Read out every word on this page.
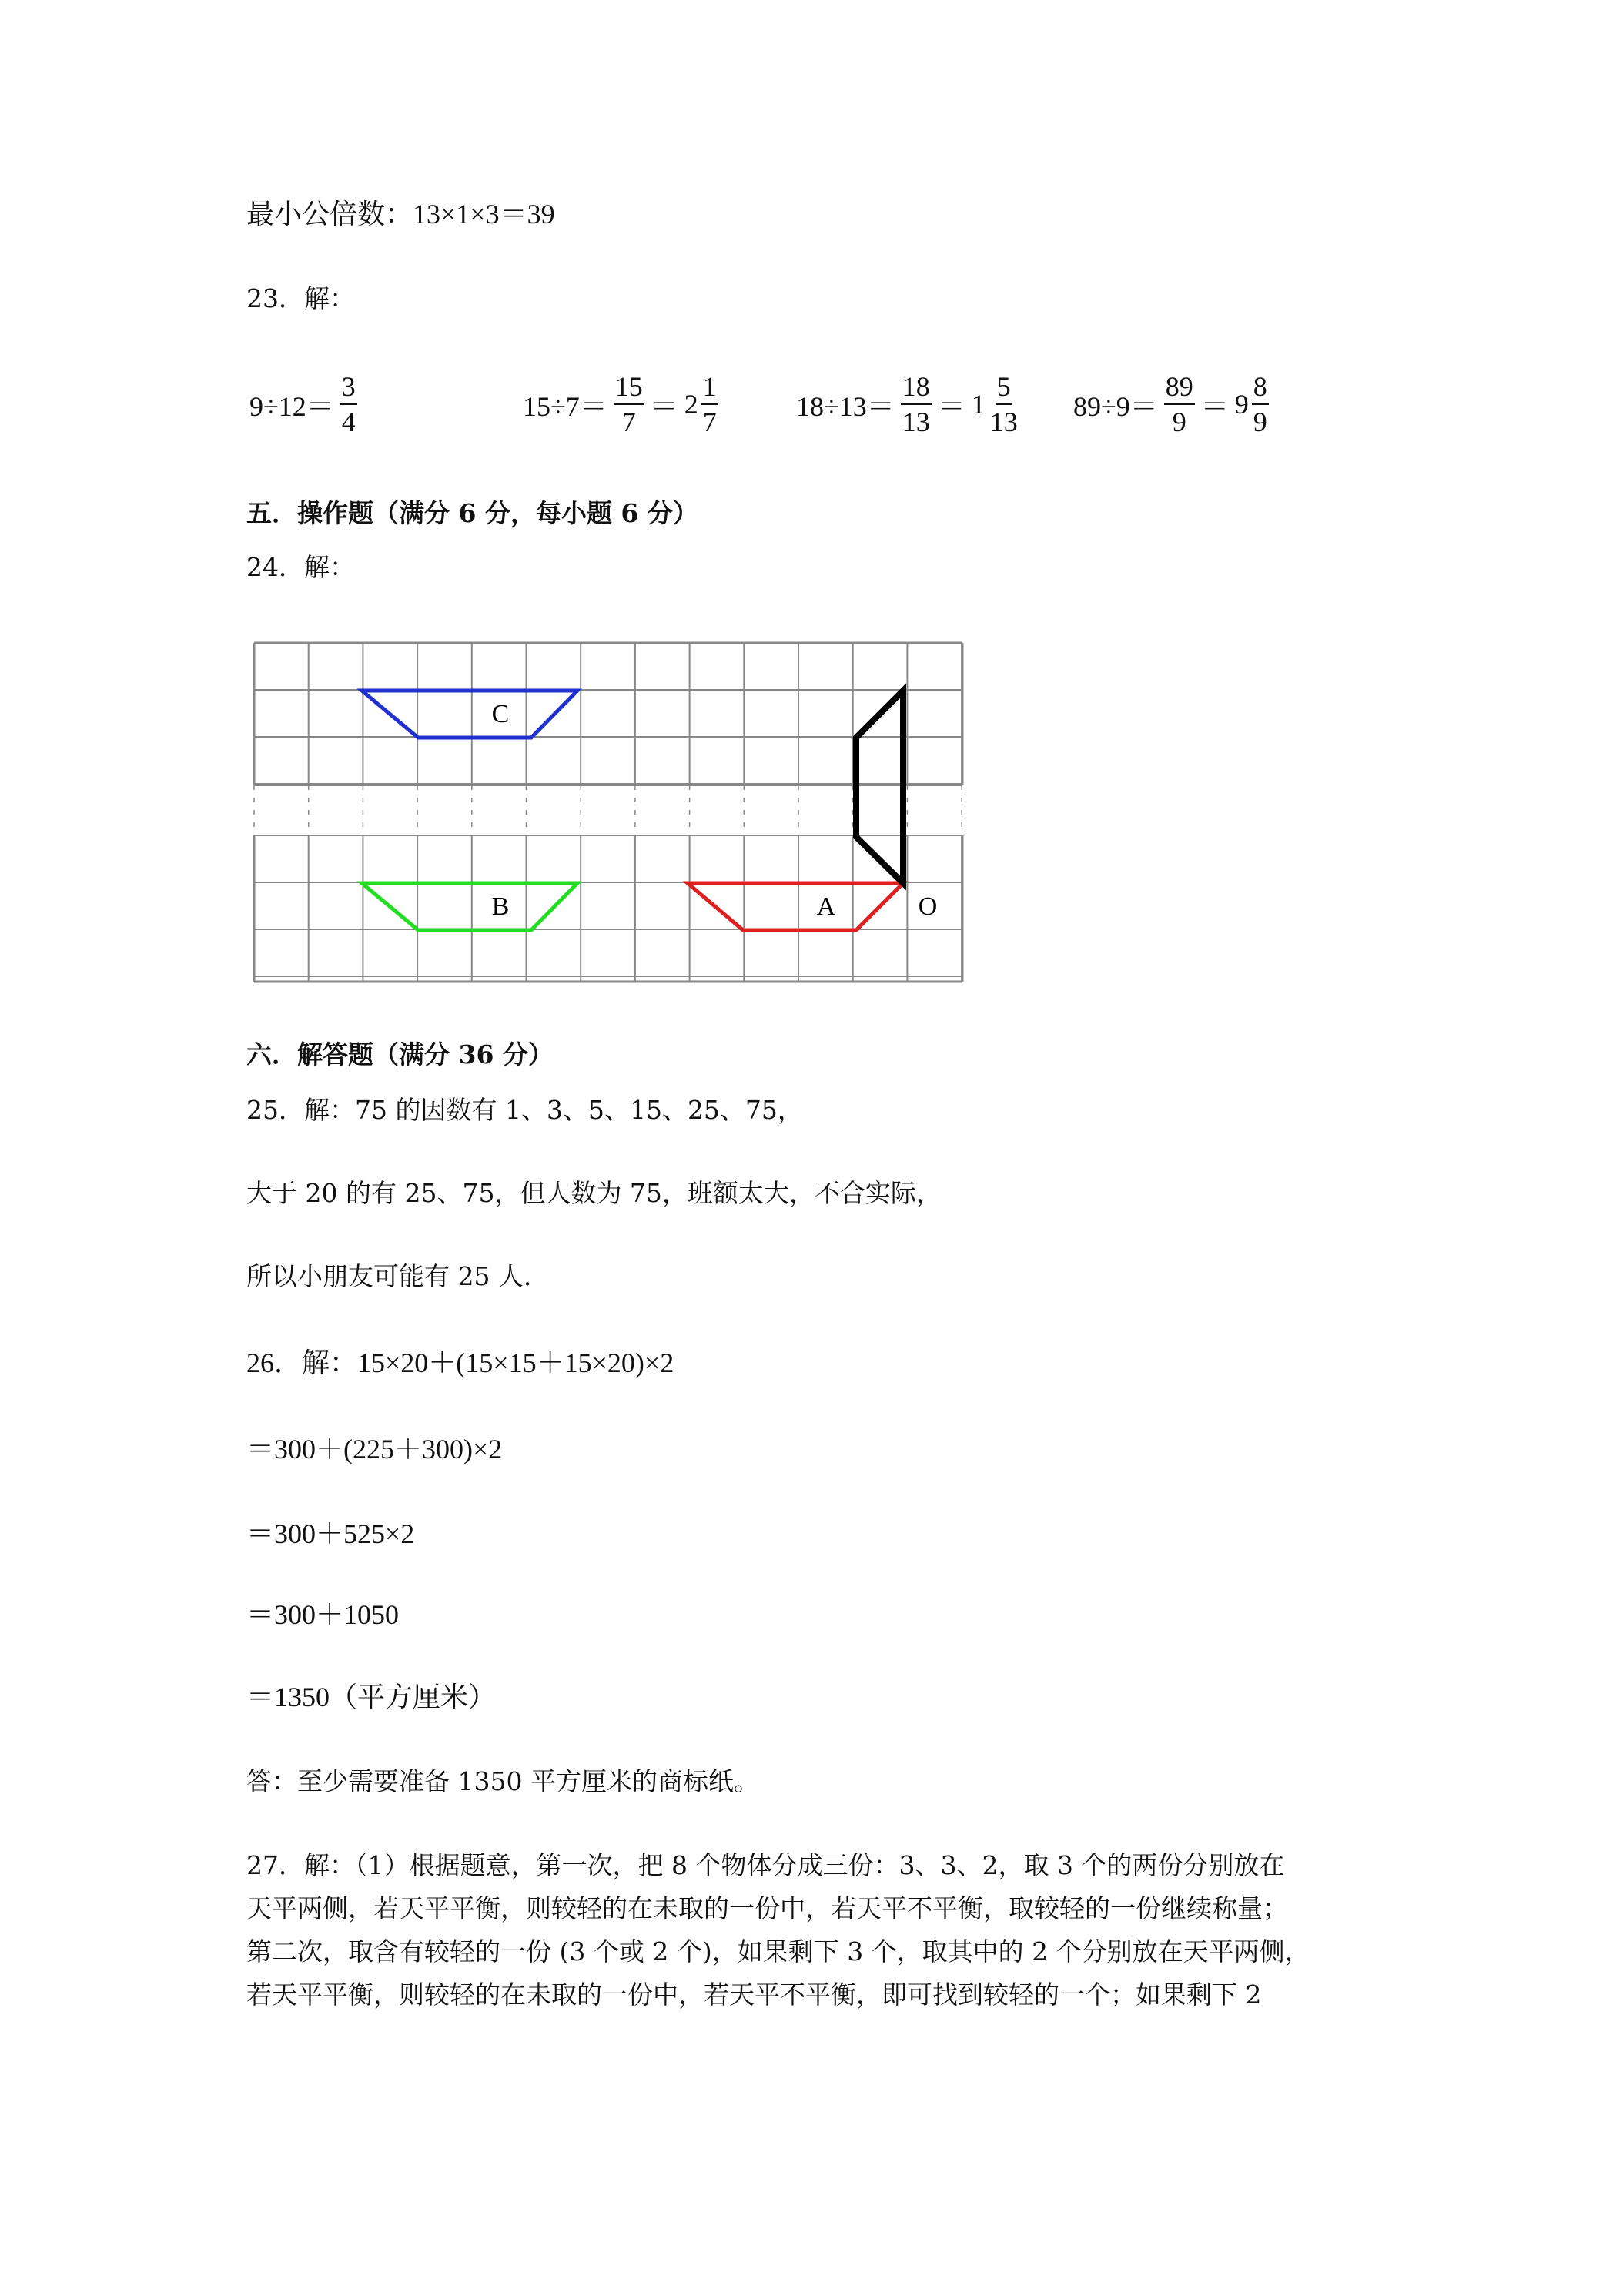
最小公倍数：13×1×3＝39
23．解：
$9\div 12= \frac{3}{4}$	$15\div 7= \frac{15}{7} = 2 \frac{1}{7}$	$18\div 13= \frac{18}{13} = 1 \frac{5}{13} 89\div 9= \frac{89}{9} = 9 \frac{8}{9}$
五．操作题（满分 6 分，每小题 6 分）
24．解：
C
B	A	O
六．解答题（满分 36 分）
25．解：75 的因数有 1、3、5、15、25、75，
大于 20 的有 25、75，但人数为 75，班额太大，不合实际，
所以小朋友可能有 25 人．
26．解：15×20＋(15×15＋15×20)×2
＝300＋(225＋300)×2
＝300＋525×2
＝300＋1050
＝1350（平方厘米）
答：至少需要准备 1350 平方厘米的商标纸。

27．解：（1）根据题意，第一次，把 8 个物体分成三份：3、3、2，取 3 个的两份分别放在

天平两侧，若天平平衡，则较轻的在未取的一份中，若天平不平衡，取较轻的一份继续称量；

第二次，取含有较轻的一份 (3 个或 2 个)，如果剩下 3 个，取其中的 2 个分别放在天平两侧，

若天平平衡，则较轻的在未取的一份中，若天平不平衡，即可找到较轻的一个；如果剩下 2
